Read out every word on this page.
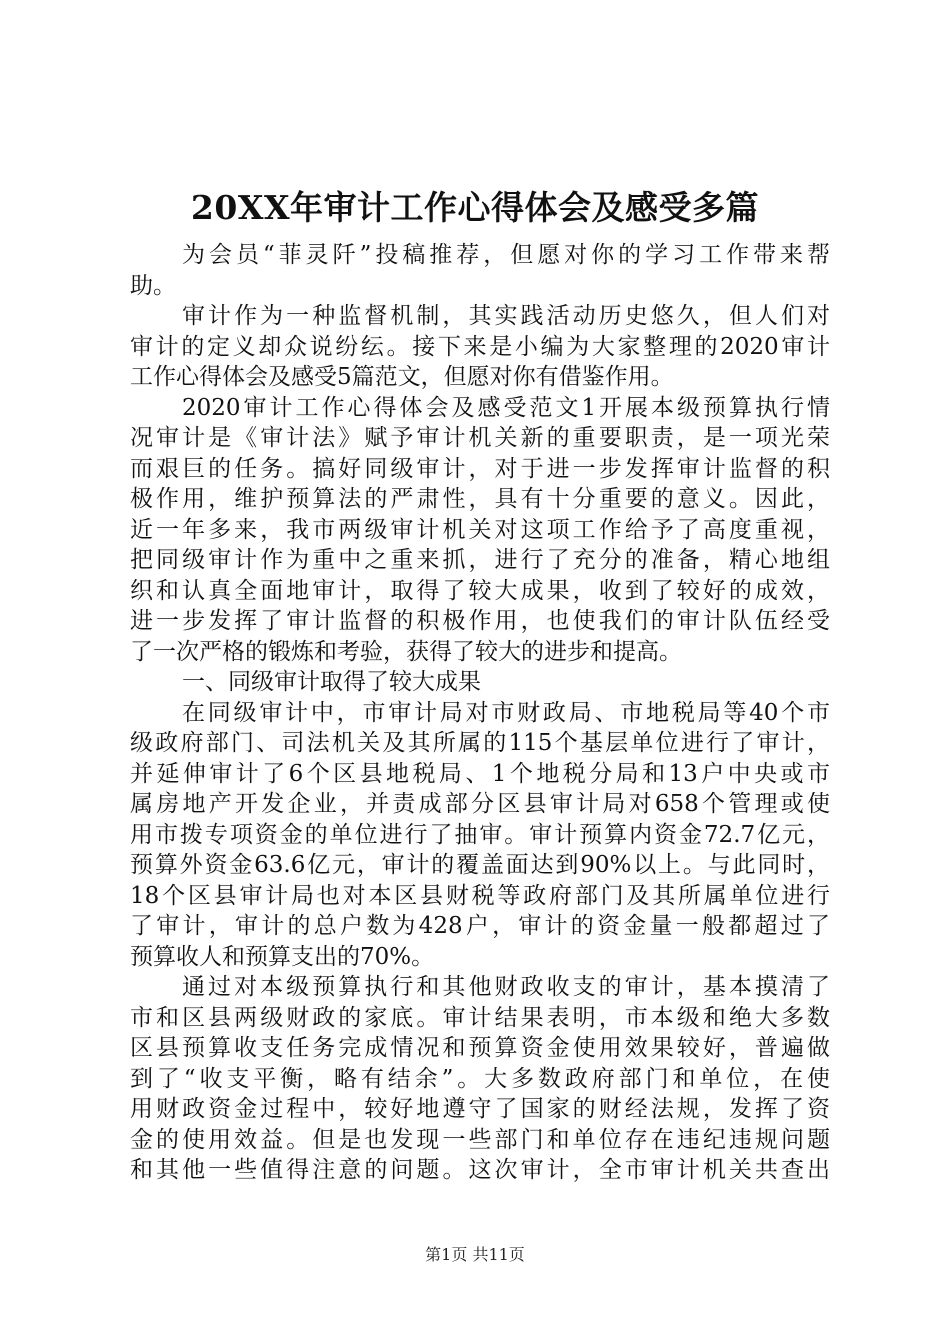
20XX年审计工作心得体会及感受多篇
为会员“菲灵阡”投稿推荐，但愿对你的学习工作带来帮
助。
审计作为一种监督机制，其实践活动历史悠久，但人们对
审计的定义却众说纷纭。接下来是小编为大家整理的2020审计
工作心得体会及感受5篇范文，但愿对你有借鉴作用。
2020审计工作心得体会及感受范文1开展本级预算执行情
况审计是《审计法》赋予审计机关新的重要职责，是一项光荣
而艰巨的任务。搞好同级审计，对于进一步发挥审计监督的积
极作用，维护预算法的严肃性，具有十分重要的意义。因此，
近一年多来，我市两级审计机关对这项工作给予了高度重视，
把同级审计作为重中之重来抓，进行了充分的准备，精心地组
织和认真全面地审计，取得了较大成果，收到了较好的成效，
进一步发挥了审计监督的积极作用，也使我们的审计队伍经受
了一次严格的锻炼和考验，获得了较大的进步和提高。
一、同级审计取得了较大成果
在同级审计中，市审计局对市财政局、市地税局等40个市
级政府部门、司法机关及其所属的115个基层单位进行了审计，
并延伸审计了6个区县地税局、1个地税分局和13户中央或市
属房地产开发企业，并责成部分区县审计局对658个管理或使
用市拨专项资金的单位进行了抽审。审计预算内资金72.7亿元，
预算外资金63.6亿元，审计的覆盖面达到90%以上。与此同时，
18个区县审计局也对本区县财税等政府部门及其所属单位进行
了审计，审计的总户数为428户，审计的资金量一般都超过了
预算收人和预算支出的70%。
通过对本级预算执行和其他财政收支的审计，基本摸清了
市和区县两级财政的家底。审计结果表明，市本级和绝大多数
区县预算收支任务完成情况和预算资金使用效果较好，普遍做
到了“收支平衡，略有结余”。大多数政府部门和单位，在使
用财政资金过程中，较好地遵守了国家的财经法规，发挥了资
金的使用效益。但是也发现一些部门和单位存在违纪违规问题
和其他一些值得注意的问题。这次审计，全市审计机关共查出
第1页 共11页
